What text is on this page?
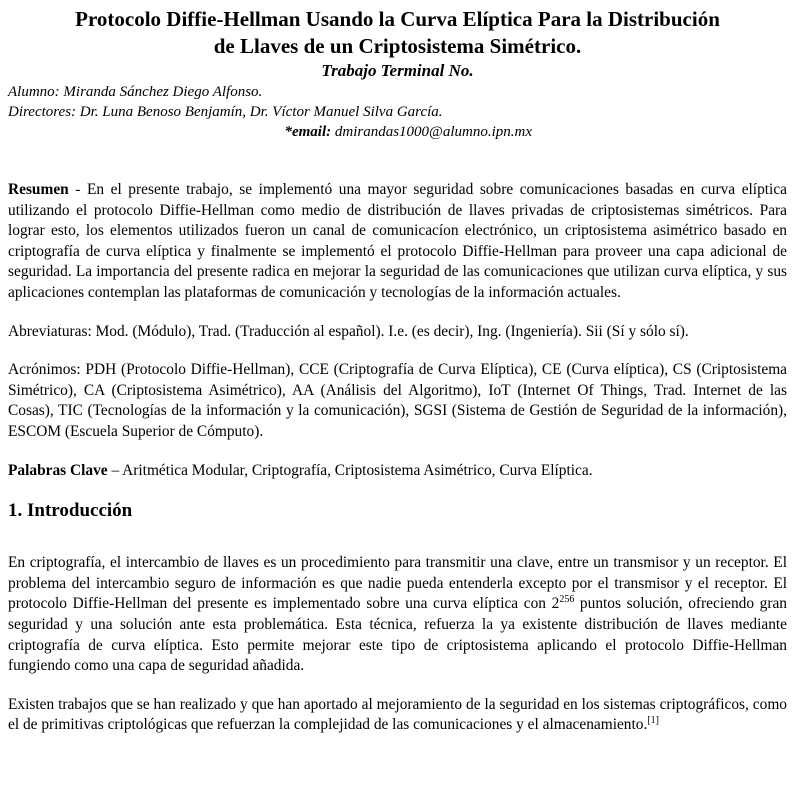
Protocolo Diffie-Hellman Usando la Curva Elíptica Para la Distribución
de Llaves de un Criptosistema Simétrico.
Trabajo Terminal No.
Alumno: Miranda Sánchez Diego Alfonso.
Directores: Dr. Luna Benoso Benjamín, Dr. Víctor Manuel Silva García.
*email: dmirandas1000@alumno.ipn.mx

Resumen - En el presente trabajo, se implementó una mayor seguridad sobre comunicaciones basadas en curva elíptica utilizando el protocolo Diffie-Hellman como medio de distribución de llaves privadas de criptosistemas simétricos. Para lograr esto, los elementos utilizados fueron un canal de comunicacíon electrónico, un criptosistema asimétrico basado en criptografía de curva elíptica y finalmente se implementó el protocolo Diffie-Hellman para proveer una capa adicional de seguridad. La importancia del presente radica en mejorar la seguridad de las comunicaciones que utilizan curva elíptica, y sus aplicaciones contemplan las plataformas de comunicación y tecnologías de la información actuales.

Abreviaturas: Mod. (Módulo), Trad. (Traducción al español). I.e. (es decir), Ing. (Ingeniería). Sii (Sí y sólo sí).

Acrónimos: PDH (Protocolo Diffie-Hellman), CCE (Criptografía de Curva Elíptica), CE (Curva elíptica), CS (Criptosistema Simétrico), CA (Criptosistema Asimétrico), AA (Análisis del Algoritmo), IoT (Internet Of Things, Trad. Internet de las Cosas), TIC (Tecnologías de la información y la comunicación), SGSI (Sistema de Gestión de Seguridad de la información), ESCOM (Escuela Superior de Cómputo).

Palabras Clave – Aritmética Modular, Criptografía, Criptosistema Asimétrico, Curva Elíptica.

1. Introducción

En criptografía, el intercambio de llaves es un procedimiento para transmitir una clave, entre un transmisor y un receptor. El problema del intercambio seguro de información es que nadie pueda entenderla excepto por el transmisor y el receptor. El protocolo Diffie-Hellman del presente es implementado sobre una curva elíptica con $2^{256}$ puntos solución, ofreciendo gran seguridad y una solución ante esta problemática. Esta técnica, refuerza la ya existente distribución de llaves mediante criptografía de curva elíptica. Esto permite mejorar este tipo de criptosistema aplicando el protocolo Diffie-Hellman fungiendo como una capa de seguridad añadida.

Existen trabajos que se han realizado y que han aportado al mejoramiento de la seguridad en los sistemas criptográficos, como el de primitivas criptológicas que refuerzan la complejidad de las comunicaciones y el almacenamiento.[1]
